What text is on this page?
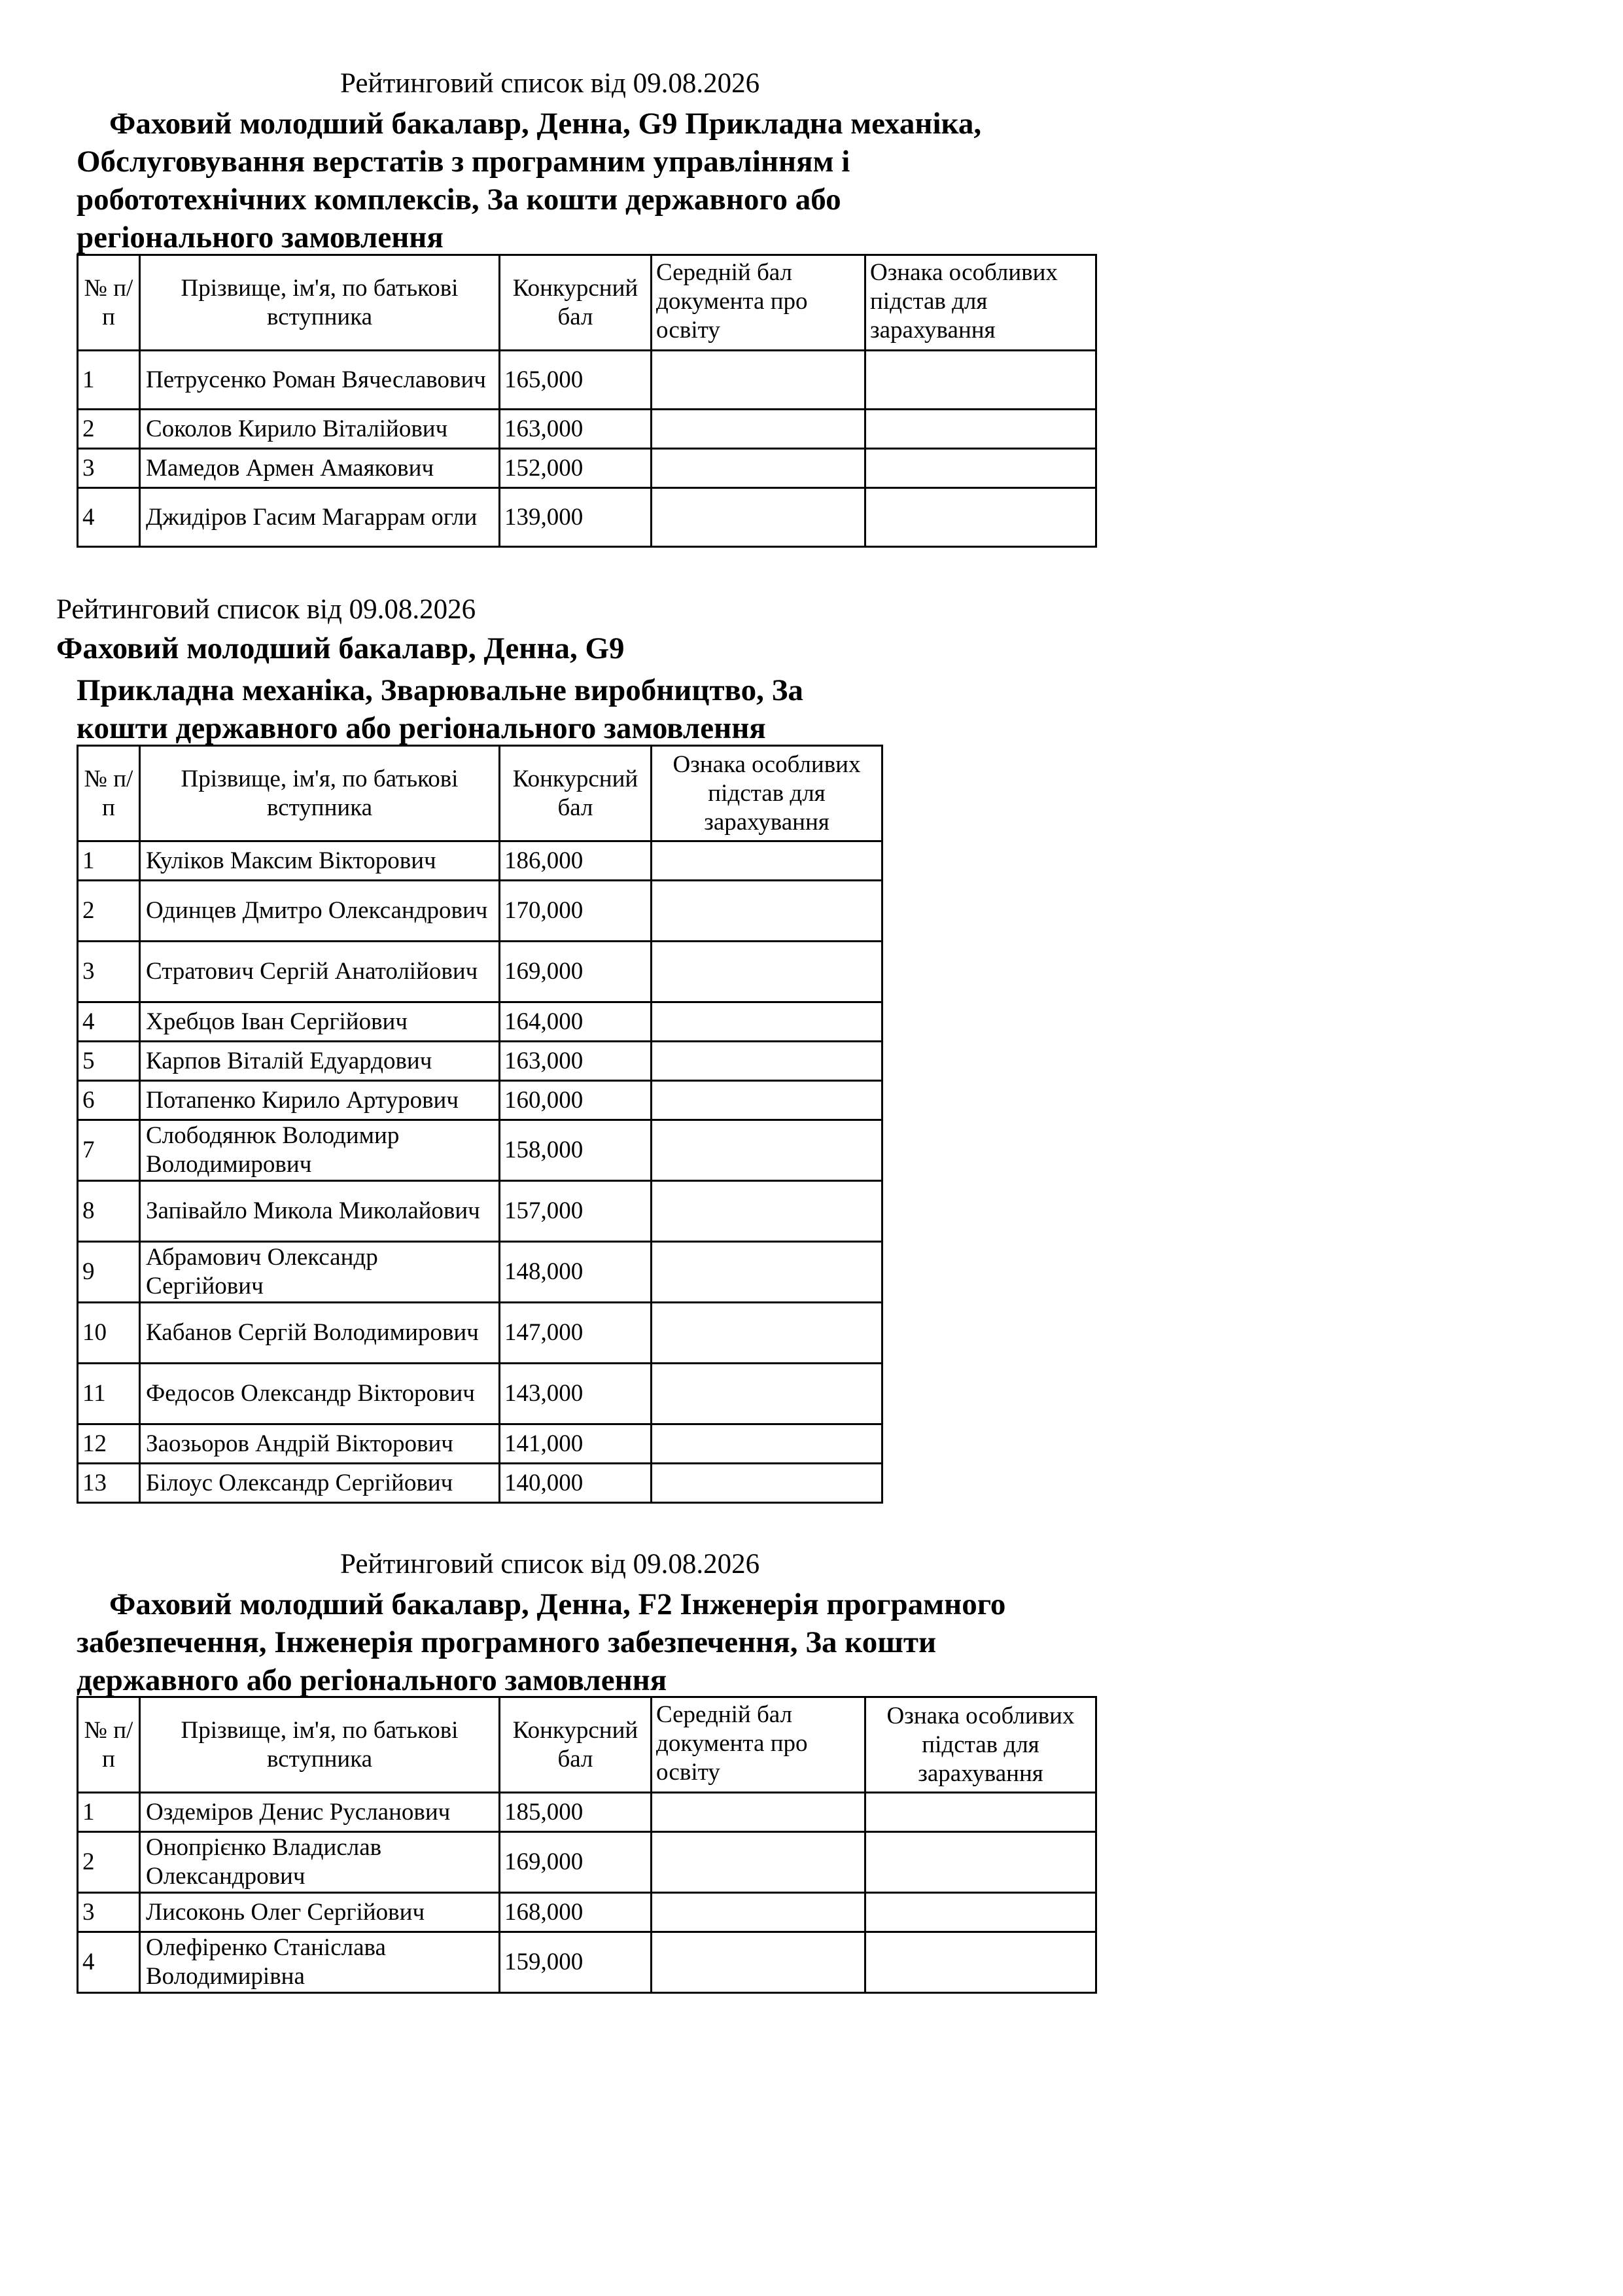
Рейтинговий список від 09.08.2026
Фаховий молодший бакалавр, Денна, G9 Прикладна механіка,
Обслуговування верстатів з програмним управлінням і
робототехнічних комплексів, За кошти державного або
регіонального замовлення
№ п/п	Прізвище, ім'я, по батькові вступника	Конкурсний бал	Середній бал документа про освіту	Ознака особливих підстав для зарахування
1	Петрусенко Роман Вячеславович	165,000		
2	Соколов Кирило Віталійович	163,000		
3	Мамедов Армен Амаякович	152,000		
4	Джидіров Гасим Магаррам огли	139,000		
Рейтинговий список від 09.08.2026
Фаховий молодший бакалавр, Денна, G9
Прикладна механіка, Зварювальне виробництво, За
кошти державного або регіонального замовлення
№ п/п	Прізвище, ім'я, по батькові вступника	Конкурсний бал	Ознака особливих підстав для зарахування
1	Куліков Максим Вікторович	186,000	
2	Одинцев Дмитро Олександрович	170,000	
3	Стратович Сергій Анатолійович	169,000	
4	Хребцов Іван Сергійович	164,000	
5	Карпов Віталій Едуардович	163,000	
6	Потапенко Кирило Артурович	160,000	
7	Слободянюк Володимир Володимирович	158,000	
8	Запівайло Микола Миколайович	157,000	
9	Абрамович Олександр Сергійович	148,000	
10	Кабанов Сергій Володимирович	147,000	
11	Федосов Олександр Вікторович	143,000	
12	Заозьоров Андрій Вікторович	141,000	
13	Білоус Олександр Сергійович	140,000	
Рейтинговий список від 09.08.2026
Фаховий молодший бакалавр, Денна, F2 Інженерія програмного
забезпечення, Інженерія програмного забезпечення, За кошти
державного або регіонального замовлення
№ п/п	Прізвище, ім'я, по батькові вступника	Конкурсний бал	Середній бал документа про освіту	Ознака особливих підстав для зарахування
1	Оздеміров Денис Русланович	185,000		
2	Онопрієнко Владислав Олександрович	169,000		
3	Лисоконь Олег Сергійович	168,000		
4	Олефіренко Станіслава Володимирівна	159,000		
